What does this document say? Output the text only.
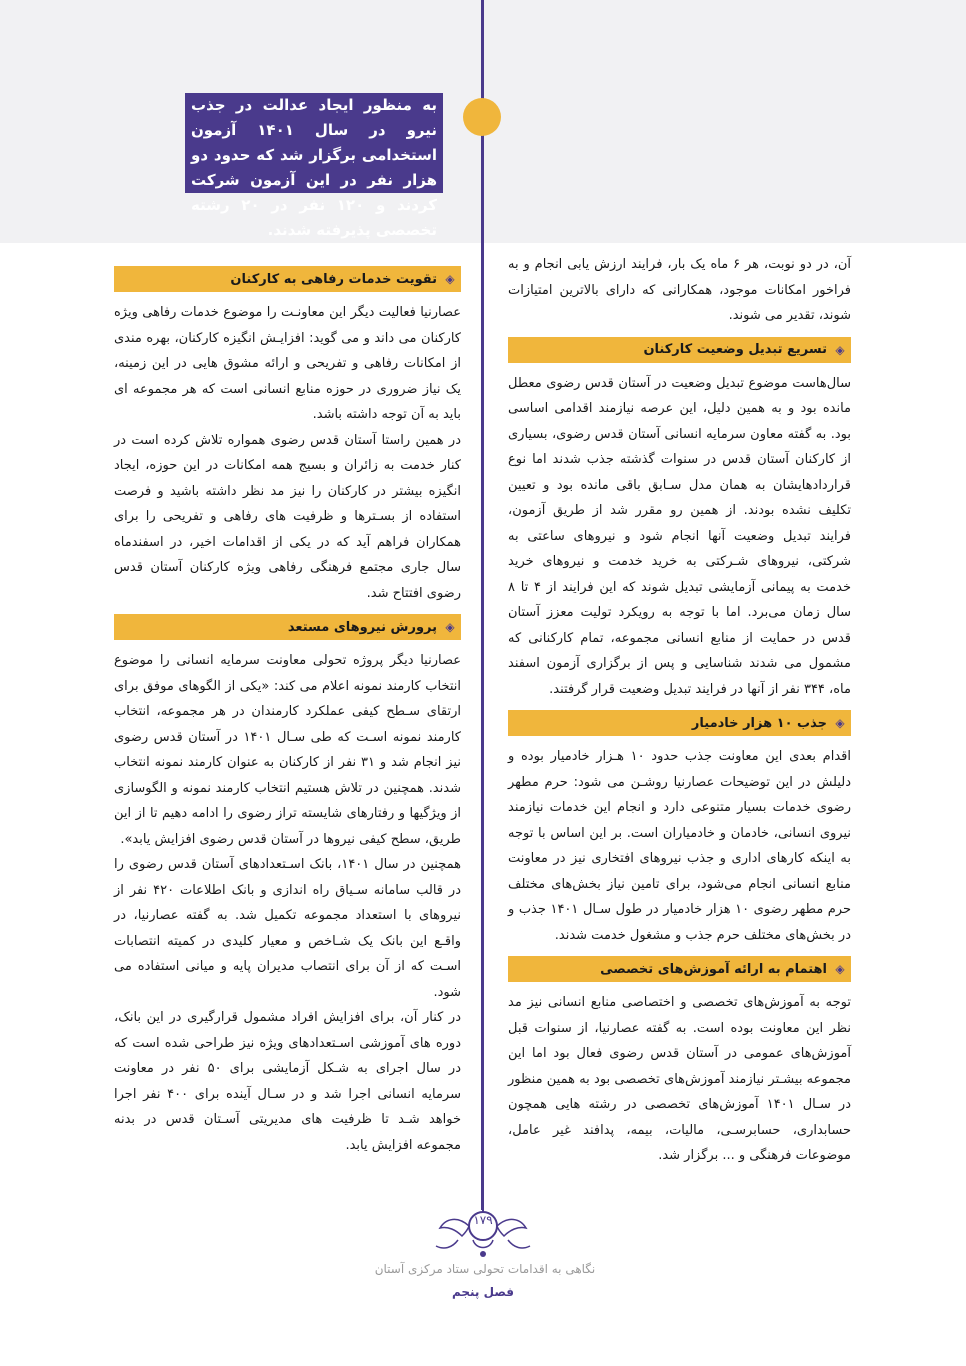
به منظور ایجاد عدالت در جذب نیرو در سال ۱۴۰۱ آزمون استخدامی برگزار شد که حدود دو هزار نفر در این آزمون شرکت کردند و ۱۲۰ نفر در ۲۰ رشته تخصصی پذیرفته شدند.

آن، در دو نوبت، هر ۶ ماه یک بار، فرایند ارزش یابی انجام و به فراخور امکانات موجود، همکارانی که دارای بالاترین امتیازات شوند، تقدیر می شوند.

◈
تسریع تبدیل وضعیت کارکنان

سال‌هاست موضوع تبدیل وضعیت در آستان قدس رضوی معطل مانده بود و به همین دلیل، این عرصه نیازمند اقدامی اساسی بود. به گفته معاون سرمایه انسانی آستان قدس رضوی، بسیاری از کارکنان آستان قدس در سنوات گذشته جذب شدند اما نوع قراردادهایشان به همان مدل سـابق باقی مانده بود و تعیین تکلیف نشده بودند. از همین رو مقرر شد از طریق آزمون، فرایند تبدیل وضعیت آنها انجام شود و نیروهای ساعتی به شرکتی، نیروهای شـرکتی به خرید خدمت و نیروهای خرید خدمت به پیمانی آزمایشی تبدیل شوند که این فرایند از ۴ تا ۸ سال زمان می‌برد. اما با توجه به رویکرد تولیت معزز آستان قدس در حمایت از منابع انسانی مجموعه، تمام کارکنانی که مشمول می شدند شناسایی و پس از برگزاری آزمون اسفند ماه، ۳۴۴ نفر از آنها در فرایند تبدیل وضعیت قرار گرفتند.

◈
جذب ۱۰ هزار خادمیار

اقدام بعدی این معاونت جذب حدود ۱۰ هـزار خادمیار بوده و دلیلش در این توضیحات عصارنیا روشـن می شود: حرم مطهر رضوی خدمات بسیار متنوعی دارد و انجام این خدمات نیازمند نیروی انسانی، خادمان و خادمیاران است. بر این اساس با توجه به اینکه کارهای اداری و جذب نیروهای افتخاری نیز در معاونت منابع انسانی انجام می‌شود، برای تامین نیاز بخش‌های مختلف حرم مطهر رضوی ۱۰ هزار خادمیار در طول سـال ۱۴۰۱ جذب و در بخش‌های مختلف حرم جذب و مشغول خدمت شدند.

◈
اهتمام به ارائه آموزش‌های تخصصی

توجه به آموزش‌های تخصصی و اختصاصی منابع انسانی نیز مد نظر این معاونت بوده است. به گفته عصارنیا، از سنوات قبل آموزش‌های عمومی در آستان قدس رضوی فعال بود اما این مجموعه بیشـتر نیازمند آموزش‌های تخصصی بود به همین منظور در سـال ۱۴۰۱ آموزش‌های تخصصی در رشته هایی همچون حسابداری، حسابرسـی، مالیات، بیمه، پدافند غیر عامل، موضوعات فرهنگی و ... برگزار شد.

◈
تقویت خدمات رفاهی به کارکنان

عصارنیا فعالیت دیگر این معاونـت را موضوع خدمات رفاهی ویژه کارکنان می داند و می گوید: افزایـش انگیزه کارکنان، بهره مندی از امکانات رفاهی و تفریحی و ارائه مشوق هایی در این زمینه، یک نیاز ضروری در حوزه منابع انسانی است که هر مجموعه ای باید به آن توجه داشته باشد.

در همین راستا آستان قدس رضوی همواره تلاش کرده است در کنار خدمت به زائران و بسیج همه امکانات در این حوزه، ایجاد انگیزه بیشتر در کارکنان را نیز مد نظر داشته باشید و فرصت استفاده از بسـترها و ظرفیت های رفاهی و تفریحی را برای همکاران فراهم آید که در یکی از اقدامات اخیر، در اسفندماه سال جاری مجتمع فرهنگی رفاهی ویژه کارکنان آستان قدس رضوی افتتاح شد.

◈
پرورش نیروهای مستعد

عصارنیا دیگر پروژه تحولی معاونت سرمایه انسانی را موضوع انتخاب کارمند نمونه اعلام می کند: «یکی از الگوهای موفق برای ارتقای سـطح کیفی عملکرد کارمندان در هر مجموعه، انتخاب کارمند نمونه اسـت که طی سـال ۱۴۰۱ در آستان قدس رضوی نیز انجام شد و ۳۱ نفر از کارکنان به عنوان کارمند نمونه انتخاب شدند. همچنین در تلاش هستیم انتخاب کارمند نمونه و الگوسازی از ویژگیها و رفتارهای شایسته تراز رضوی را ادامه دهیم تا از این طریق، سطح کیفی نیروها در آستان قدس رضوی افزایش یابد».

همچنین در سال ۱۴۰۱، بانک اسـتعدادهای آستان قدس رضوی را در قالب سامانه سـیاق راه اندازی و بانک اطلاعات ۴۲۰ نفر از نیروهای با استعداد مجموعه تکمیل شد. به گفته عصارنیا، در واقـع این بانک یک شـاخص و معیار کلیدی در کمیته انتصابات اسـت که از آن برای انتصاب مدیران پایه و میانی استفاده می شود.

در کنار آن، برای افزایش افراد مشمول قرارگیری در این بانک، دوره های آموزشی اسـتعدادهای ویژه نیز طراحی شده است که در سال اجرای به شـکل آزمایشی برای ۵۰ نفر در معاونت سرمایه انسانی اجرا شد و در سـال آینده برای ۴۰۰ نفر اجرا خواهد شـد تا ظرفیت های مدیریتی آسـتان قدس در بدنه مجموعه افزایش یابد.

۱۷۹
نگاهی به اقدامات تحولی ستاد مرکزی آستان
فصل پنجم
